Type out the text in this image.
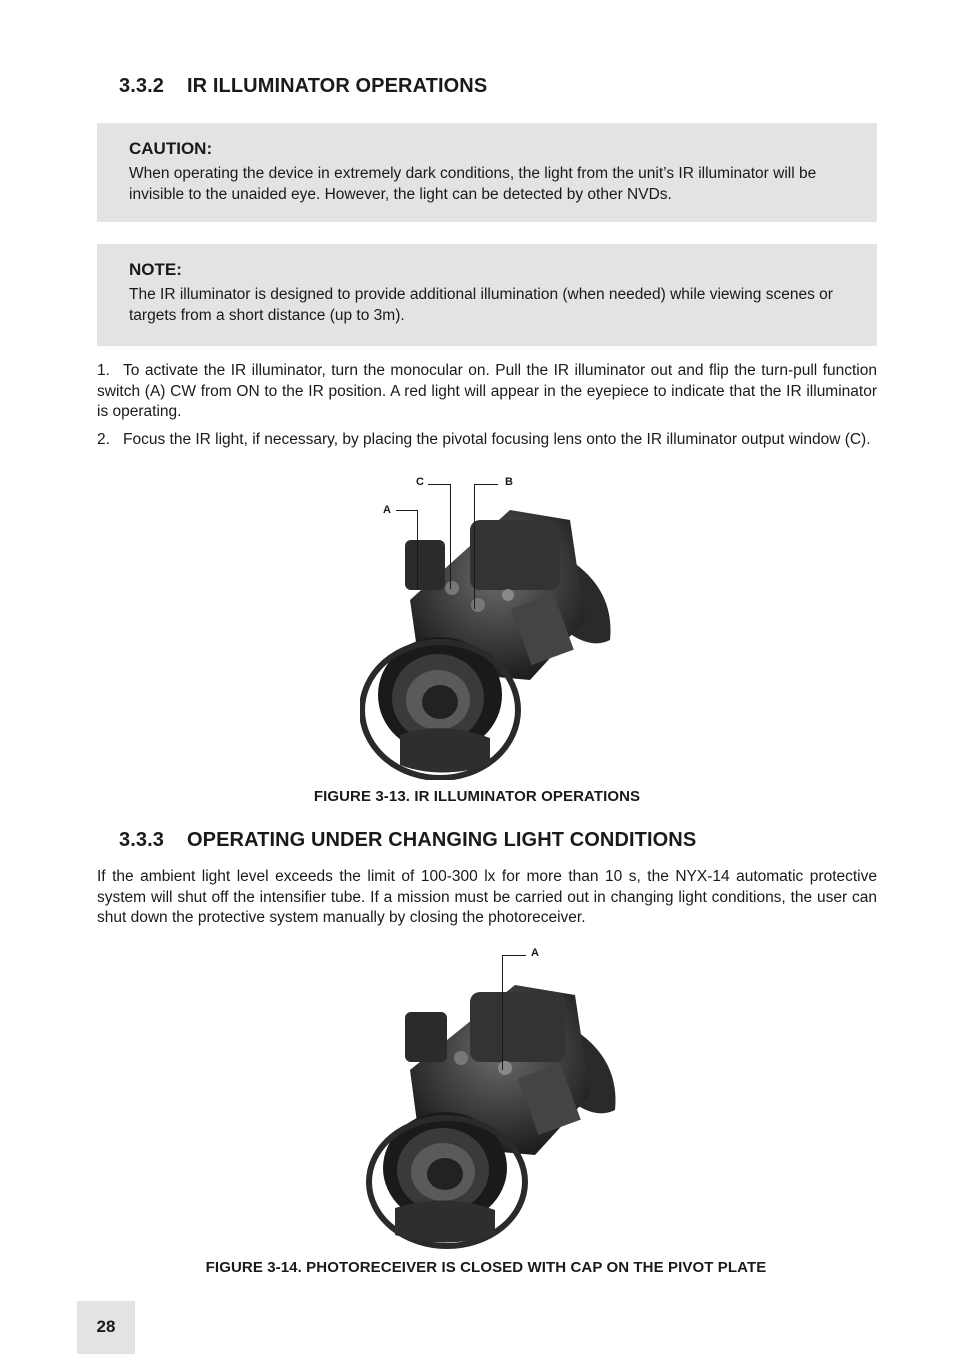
3.3.2 IR ILLUMINATOR OPERATIONS
CAUTION:
When operating the device in extremely dark conditions, the light from the unit’s IR illuminator will be invisible to the unaided eye. However, the light can be detected by other NVDs.
NOTE:
The IR illuminator is designed to provide additional illumination (when needed) while viewing scenes or targets from a short distance (up to 3m).
1. To activate the IR illuminator, turn the monocular on. Pull the IR illuminator out and flip the turn-pull function switch (A) CW from ON to the IR position. A red light will appear in the eyepiece to indicate that the IR illuminator is operating.
2. Focus the IR light, if necessary, by placing the pivotal focusing lens onto the IR illuminator output window (C).
C	B
A
FIGURE 3-13. IR ILLUMINATOR OPERATIONS
3.3.3 OPERATING UNDER CHANGING LIGHT CONDITIONS
If the ambient light level exceeds the limit of 100-300 lx for more than 10 s, the NYX-14 automatic protective system will shut off the intensifier tube. If a mission must be carried out in changing light conditions, the user can shut down the protective system manually by closing the photoreceiver.
A
FIGURE 3-14. PHOTORECEIVER IS CLOSED WITH CAP ON THE PIVOT PLATE
28
